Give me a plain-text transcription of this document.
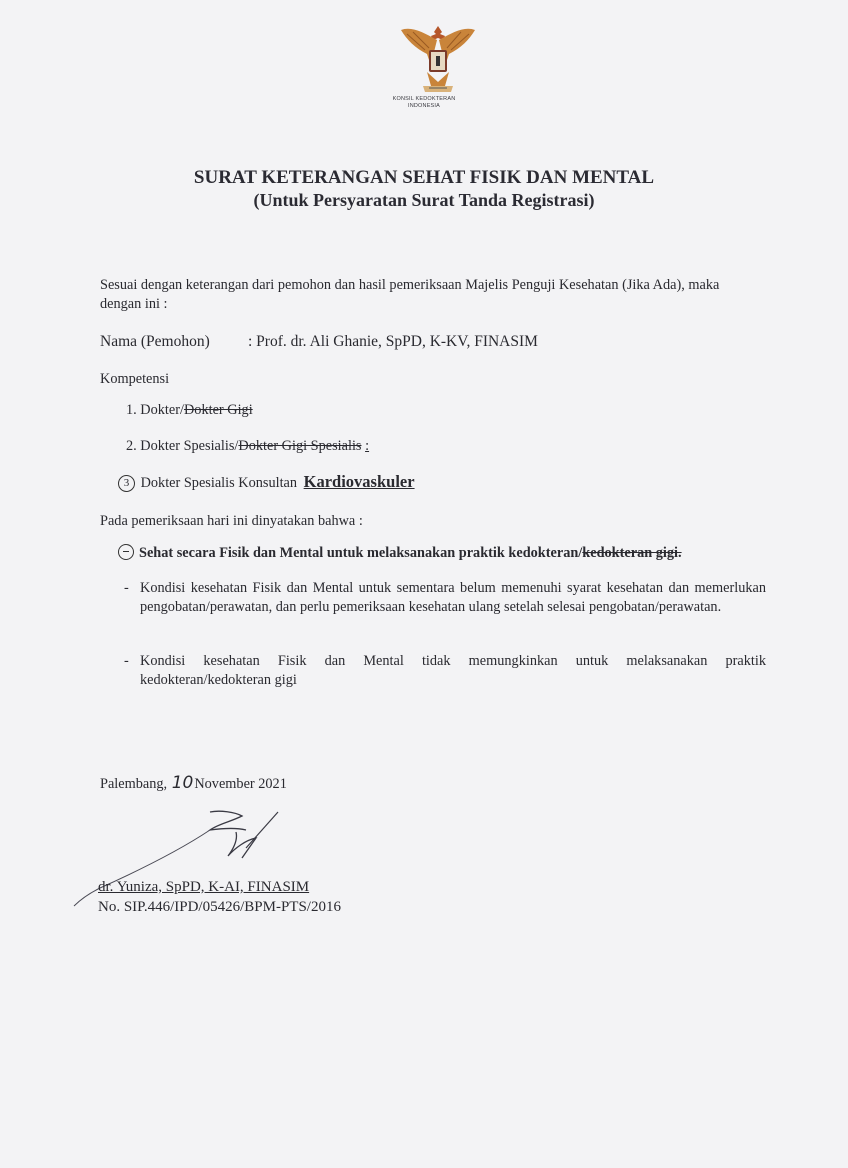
KONSIL KEDOKTERAN
INDONESIA
SURAT KETERANGAN SEHAT FISIK DAN MENTAL
(Untuk Persyaratan Surat Tanda Registrasi)
Sesuai dengan keterangan dari pemohon dan hasil pemeriksaan Majelis Penguji Kesehatan (Jika Ada), maka dengan ini :
Nama (Pemohon) : Prof. dr. Ali Ghanie, SpPD, K-KV, FINASIM
Kompetensi
1. Dokter/Dokter Gigi
2. Dokter Spesialis/Dokter Gigi Spesialis :
3 Dokter Spesialis Konsultan Kardiovaskuler
Pada pemeriksaan hari ini dinyatakan bahwa :
Sehat secara Fisik dan Mental untuk melaksanakan praktik kedokteran/kedokteran gigi.
- Kondisi kesehatan Fisik dan Mental untuk sementara belum memenuhi syarat kesehatan dan memerlukan pengobatan/perawatan, dan perlu pemeriksaan kesehatan ulang setelah selesai pengobatan/perawatan.
- Kondisi kesehatan Fisik dan Mental tidak memungkinkan untuk melaksanakan praktik kedokteran/kedokteran gigi
Palembang, 10November 2021
dr. Yuniza, SpPD, K-AI, FINASIM
No. SIP.446/IPD/05426/BPM-PTS/2016
